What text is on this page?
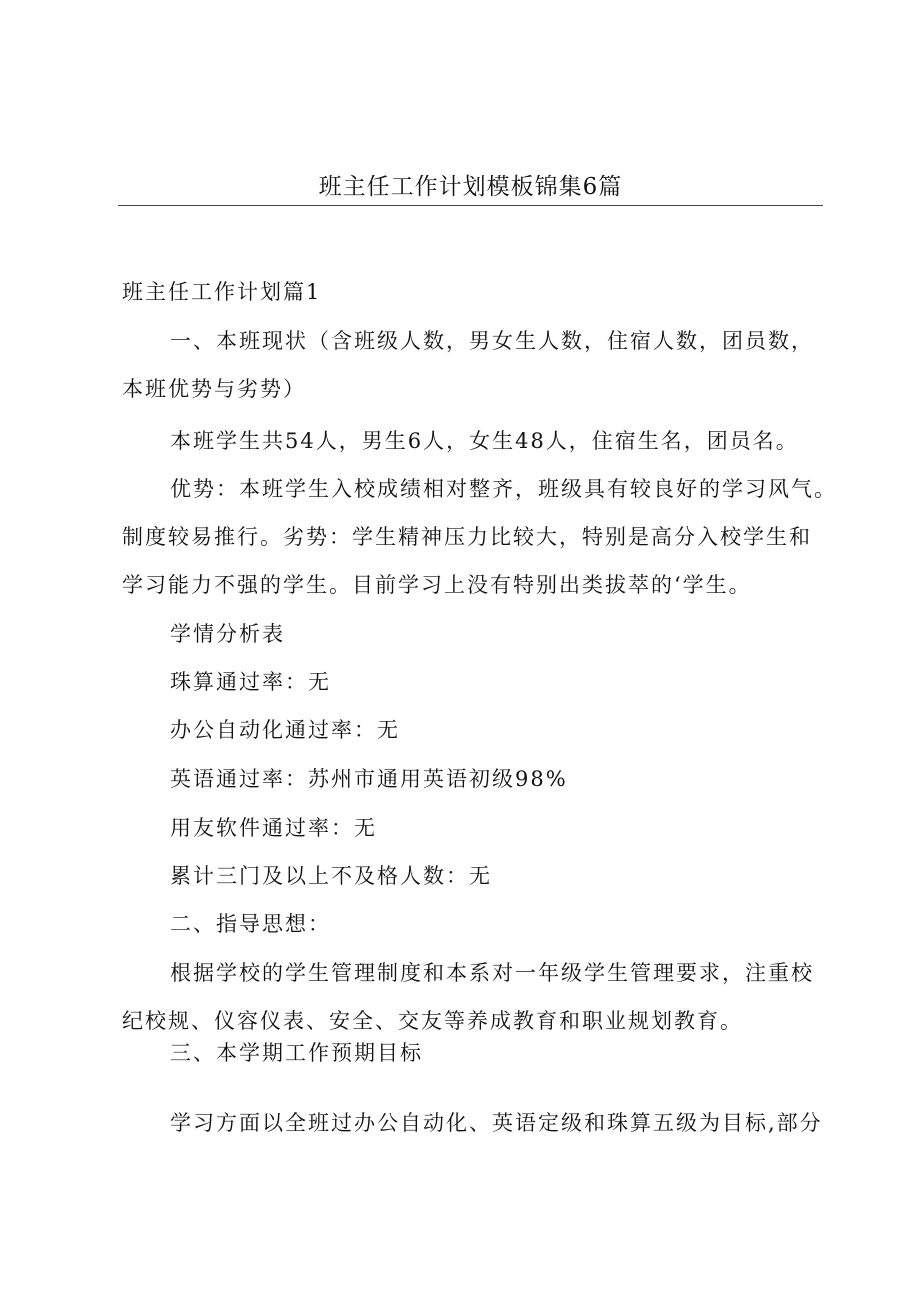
班主任工作计划模板锦集6篇
班主任工作计划篇1
一、本班现状（含班级人数，男女生人数，住宿人数，团员数，
本班优势与劣势）
本班学生共54人，男生6人，女生48人，住宿生名，团员名。
优势：本班学生入校成绩相对整齐，班级具有较良好的学习风气。
制度较易推行。劣势：学生精神压力比较大，特别是高分入校学生和
学习能力不强的学生。目前学习上没有特别出类拔萃的‘学生。
学情分析表
珠算通过率：无
办公自动化通过率：无
英语通过率：苏州市通用英语初级98%
用友软件通过率：无
累计三门及以上不及格人数：无
二、指导思想：
根据学校的学生管理制度和本系对一年级学生管理要求，注重校
纪校规、仪容仪表、安全、交友等养成教育和职业规划教育。
三、本学期工作预期目标
学习方面以全班过办公自动化、英语定级和珠算五级为目标,部分
